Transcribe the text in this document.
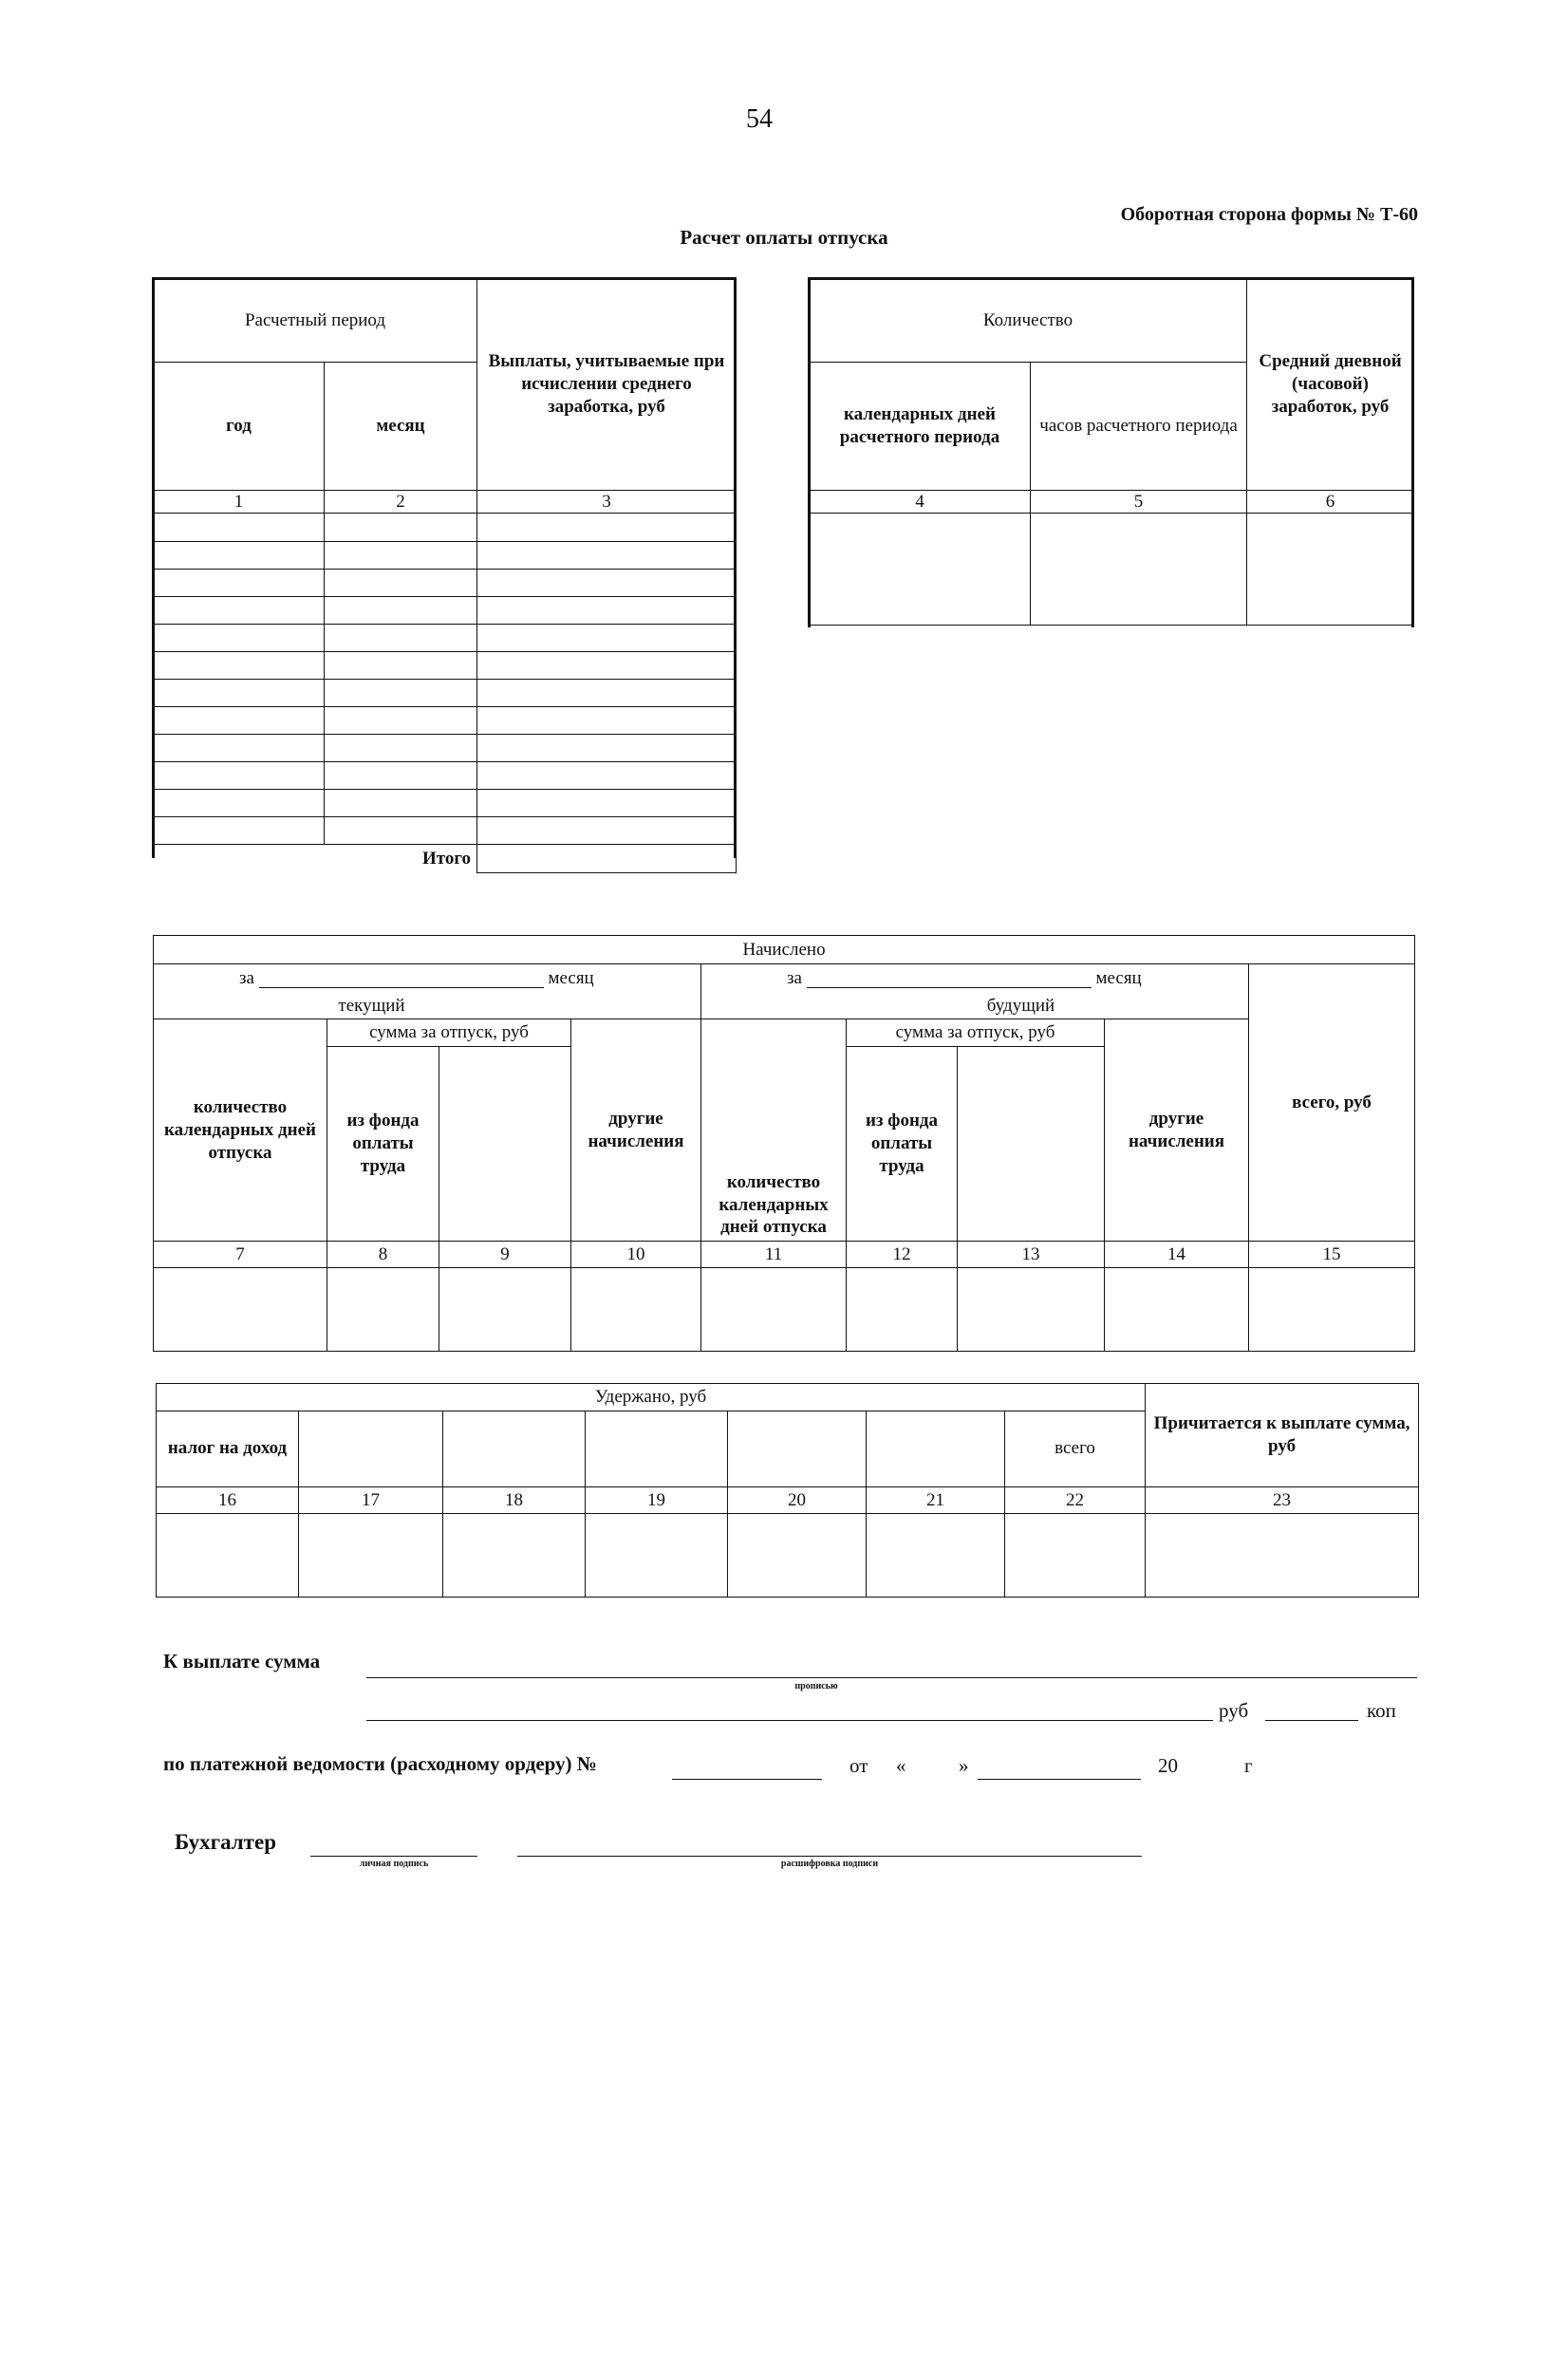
54
Оборотная сторона формы № Т-60
Расчет оплаты отпуска
Расчетный период		Выплаты, учитываемые при исчислении среднего заработка, руб
год	месяц	
1	2	3

Итого		
Количество		Средний дневной (часовой) заработок, руб
календарных дней расчетного периода	часов расчетного периода	
4	5	6

Начислено								
за месяц				за месяц				всего, руб
текущий				будущий				
количество календарных дней отпуска	сумма за отпуск, руб		другие начисления	количество календарных дней отпуска	сумма за отпуск, руб		другие начисления	
	из фонда оплаты труда				из фонда оплаты труда		
7	8	9	10	11	12	13	14	15

Удержано, руб							Причитается к выплате сумма, руб
налог на доход						всего	
16	17	18	19	20	21	22	23

К выплате сумма
прописью
руб	коп
по платежной ведомости (расходному ордеру) №	от «	»	20	г
Бухгалтер
личная подпись	расшифровка подписи
